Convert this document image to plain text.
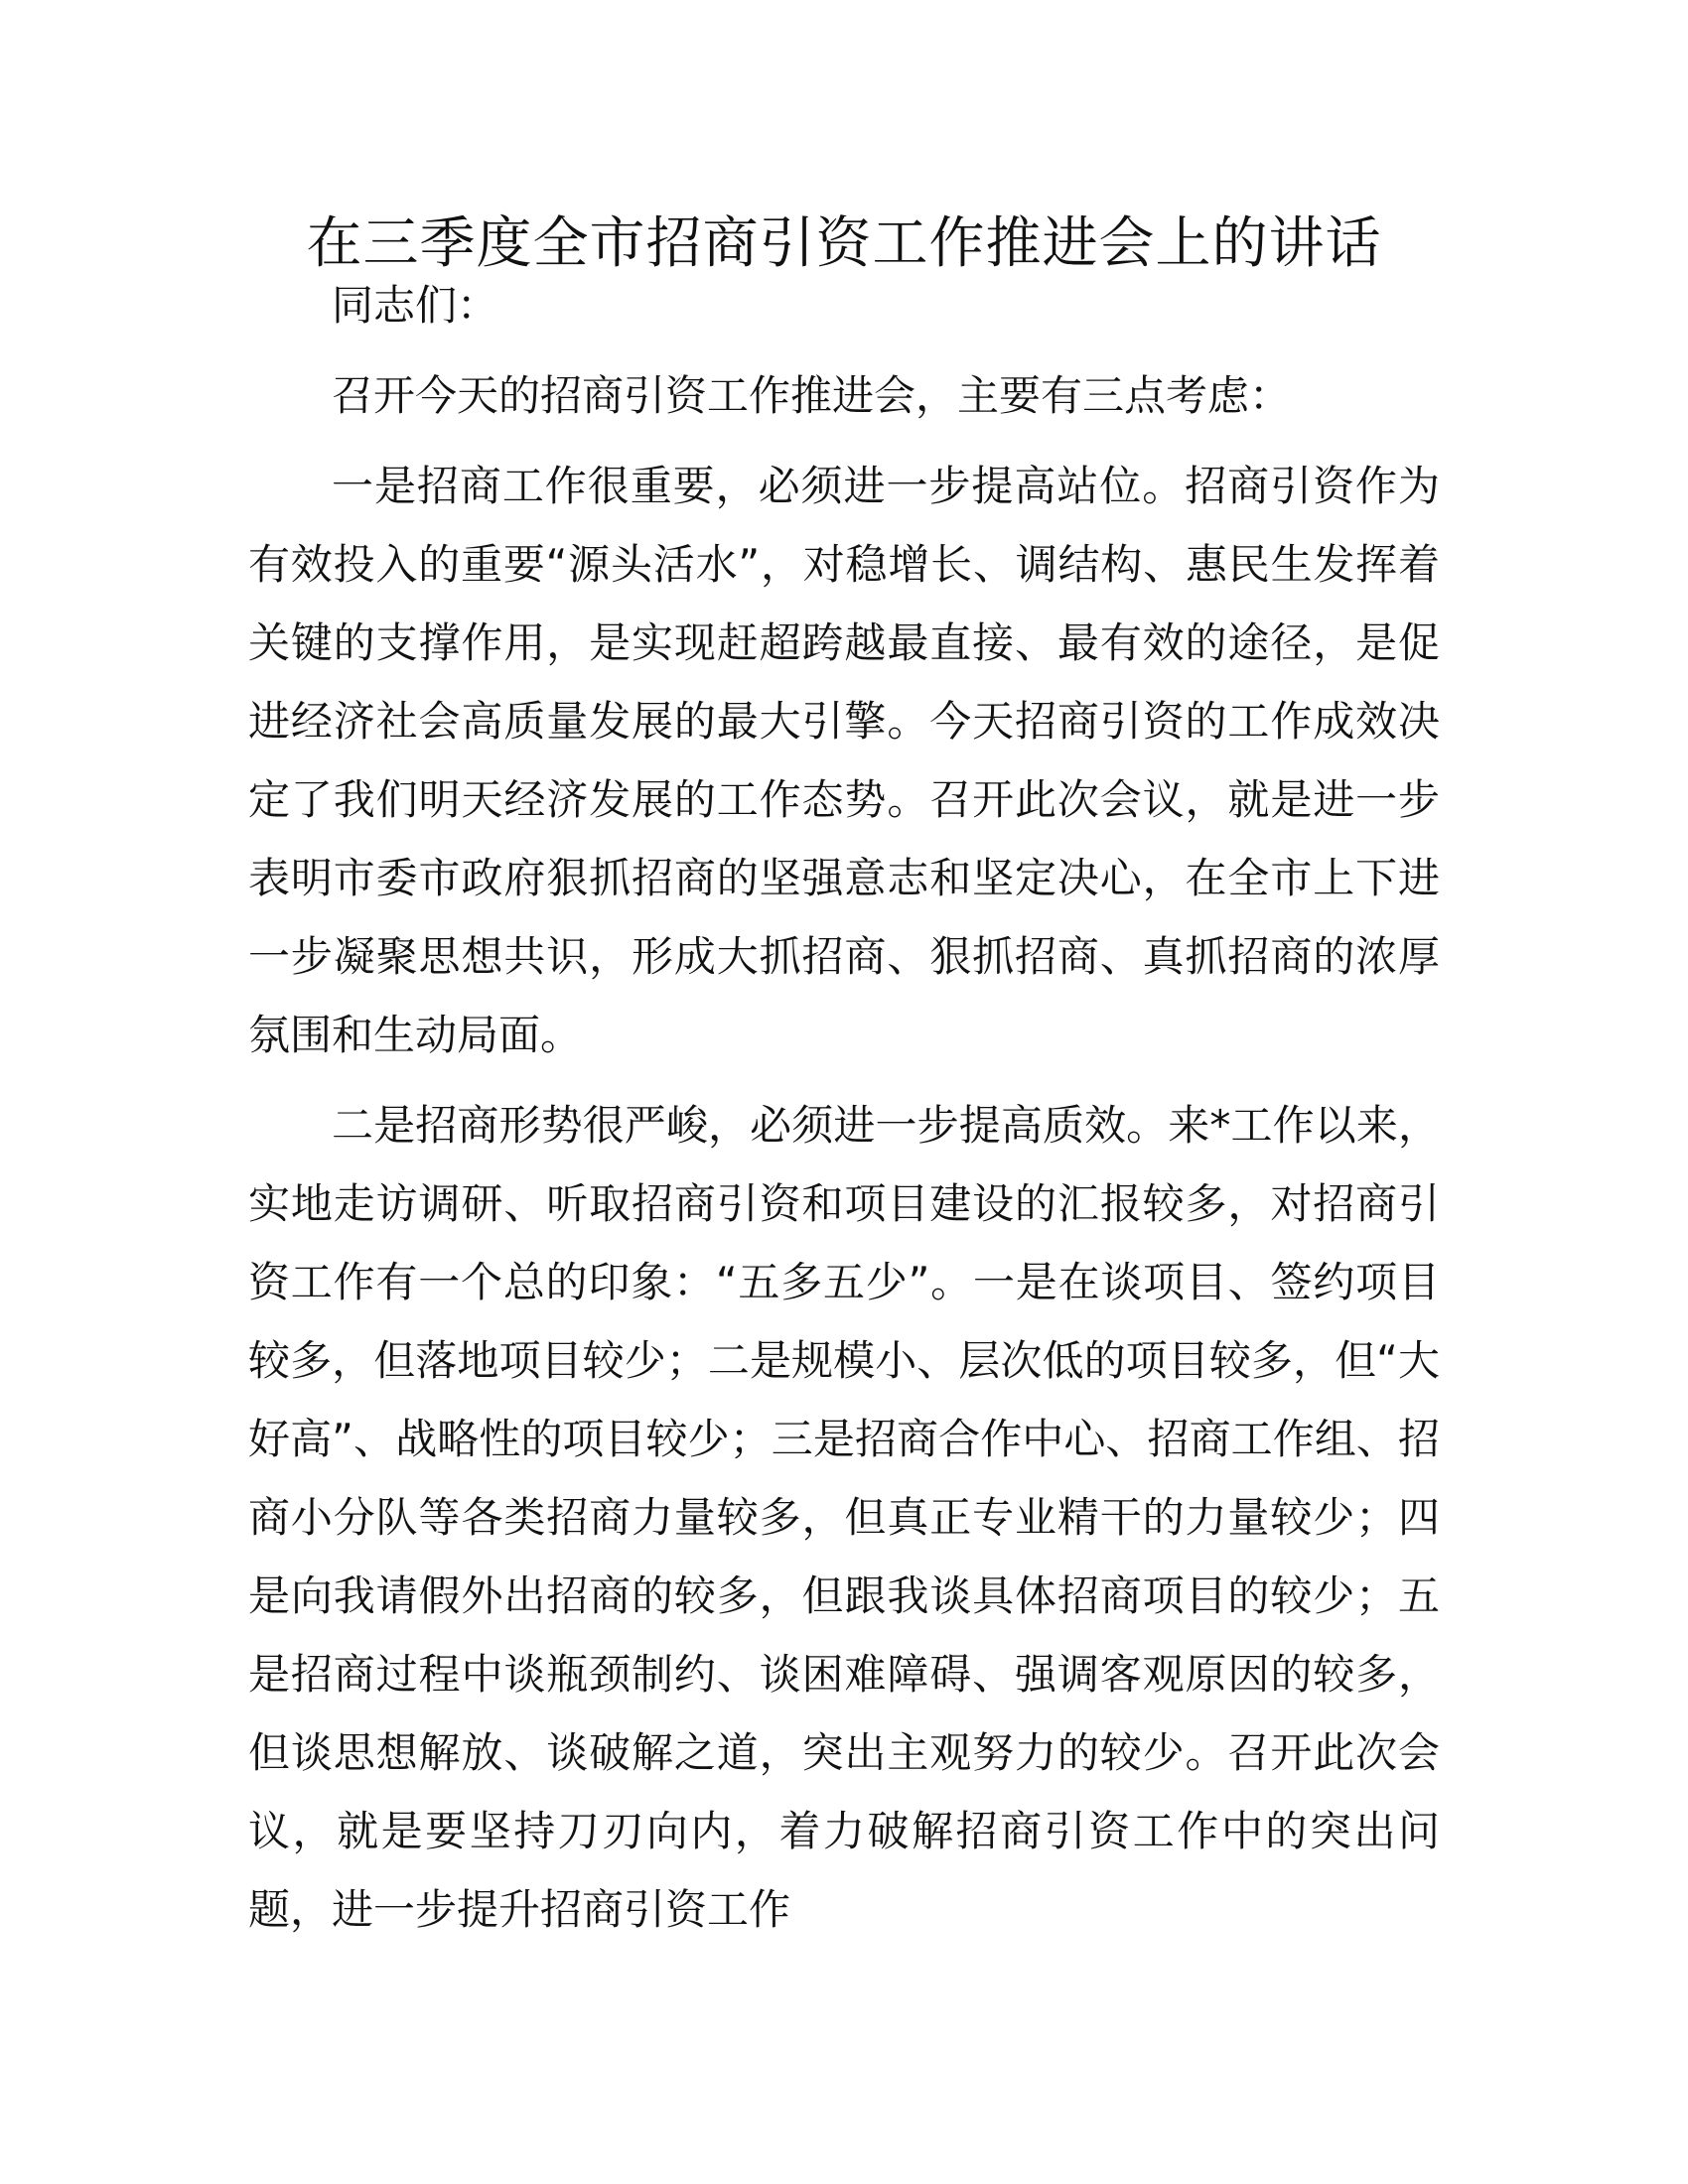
在三季度全市招商引资工作推进会上的讲话

同志们：

召开今天的招商引资工作推进会，主要有三点考虑：

一是招商工作很重要，必须进一步提高站位。招商引资作为有效投入的重要“源头活水”，对稳增长、调结构、惠民生发挥着关键的支撑作用，是实现赶超跨越最直接、最有效的途径，是促进经济社会高质量发展的最大引擎。今天招商引资的工作成效决定了我们明天经济发展的工作态势。召开此次会议，就是进一步表明市委市政府狠抓招商的坚强意志和坚定决心，在全市上下进一步凝聚思想共识，形成大抓招商、狠抓招商、真抓招商的浓厚氛围和生动局面。

二是招商形势很严峻，必须进一步提高质效。来*工作以来，实地走访调研、听取招商引资和项目建设的汇报较多，对招商引资工作有一个总的印象：“五多五少”。一是在谈项目、签约项目较多，但落地项目较少；二是规模小、层次低的项目较多，但“大好高”、战略性的项目较少；三是招商合作中心、招商工作组、招商小分队等各类招商力量较多，但真正专业精干的力量较少；四是向我请假外出招商的较多，但跟我谈具体招商项目的较少；五是招商过程中谈瓶颈制约、谈困难障碍、强调客观原因的较多，但谈思想解放、谈破解之道，突出主观努力的较少。召开此次会议，就是要坚持刀刃向内，着力破解招商引资工作中的突出问题，进一步提升招商引资工作
